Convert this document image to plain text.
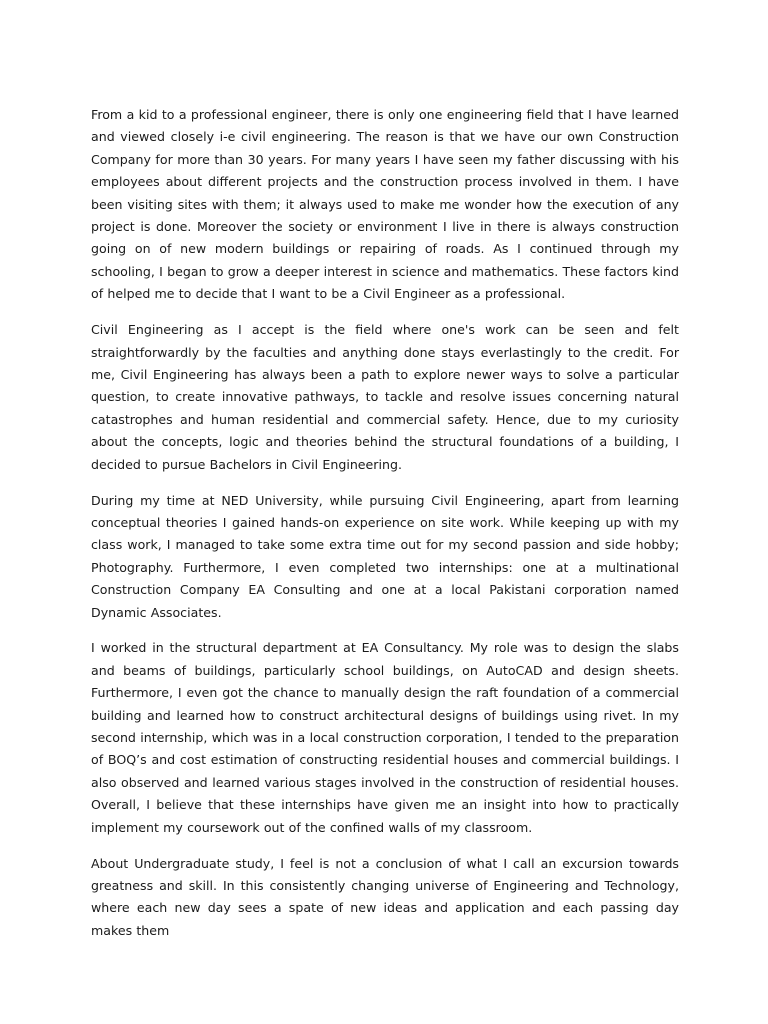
From a kid to a professional engineer, there is only one engineering field that I have learned and viewed closely i-e civil engineering. The reason is that we have our own Construction Company for more than 30 years. For many years I have seen my father discussing with his employees about different projects and the construction process involved in them. I have been visiting sites with them; it always used to make me wonder how the execution of any project is done. Moreover the society or environment I live in there is always construction going on of new modern buildings or repairing of roads. As I continued through my schooling, I began to grow a deeper interest in science and mathematics. These factors kind of helped me to decide that I want to be a Civil Engineer as a professional.

Civil Engineering as I accept is the field where one's work can be seen and felt straightforwardly by the faculties and anything done stays everlastingly to the credit. For me, Civil Engineering has always been a path to explore newer ways to solve a particular question, to create innovative pathways, to tackle and resolve issues concerning natural catastrophes and human residential and commercial safety. Hence, due to my curiosity about the concepts, logic and theories behind the structural foundations of a building, I decided to pursue Bachelors in Civil Engineering.

During my time at NED University, while pursuing Civil Engineering, apart from learning conceptual theories I gained hands-on experience on site work. While keeping up with my class work, I managed to take some extra time out for my second passion and side hobby; Photography. Furthermore, I even completed two internships: one at a multinational Construction Company EA Consulting and one at a local Pakistani corporation named Dynamic Associates.

I worked in the structural department at EA Consultancy. My role was to design the slabs and beams of buildings, particularly school buildings, on AutoCAD and design sheets. Furthermore, I even got the chance to manually design the raft foundation of a commercial building and learned how to construct architectural designs of buildings using rivet. In my second internship, which was in a local construction corporation, I tended to the preparation of BOQ’s and cost estimation of constructing residential houses and commercial buildings. I also observed and learned various stages involved in the construction of residential houses. Overall, I believe that these internships have given me an insight into how to practically implement my coursework out of the confined walls of my classroom.

About Undergraduate study, I feel is not a conclusion of what I call an excursion towards greatness and skill. In this consistently changing universe of Engineering and Technology, where each new day sees a spate of new ideas and application and each passing day makes them
